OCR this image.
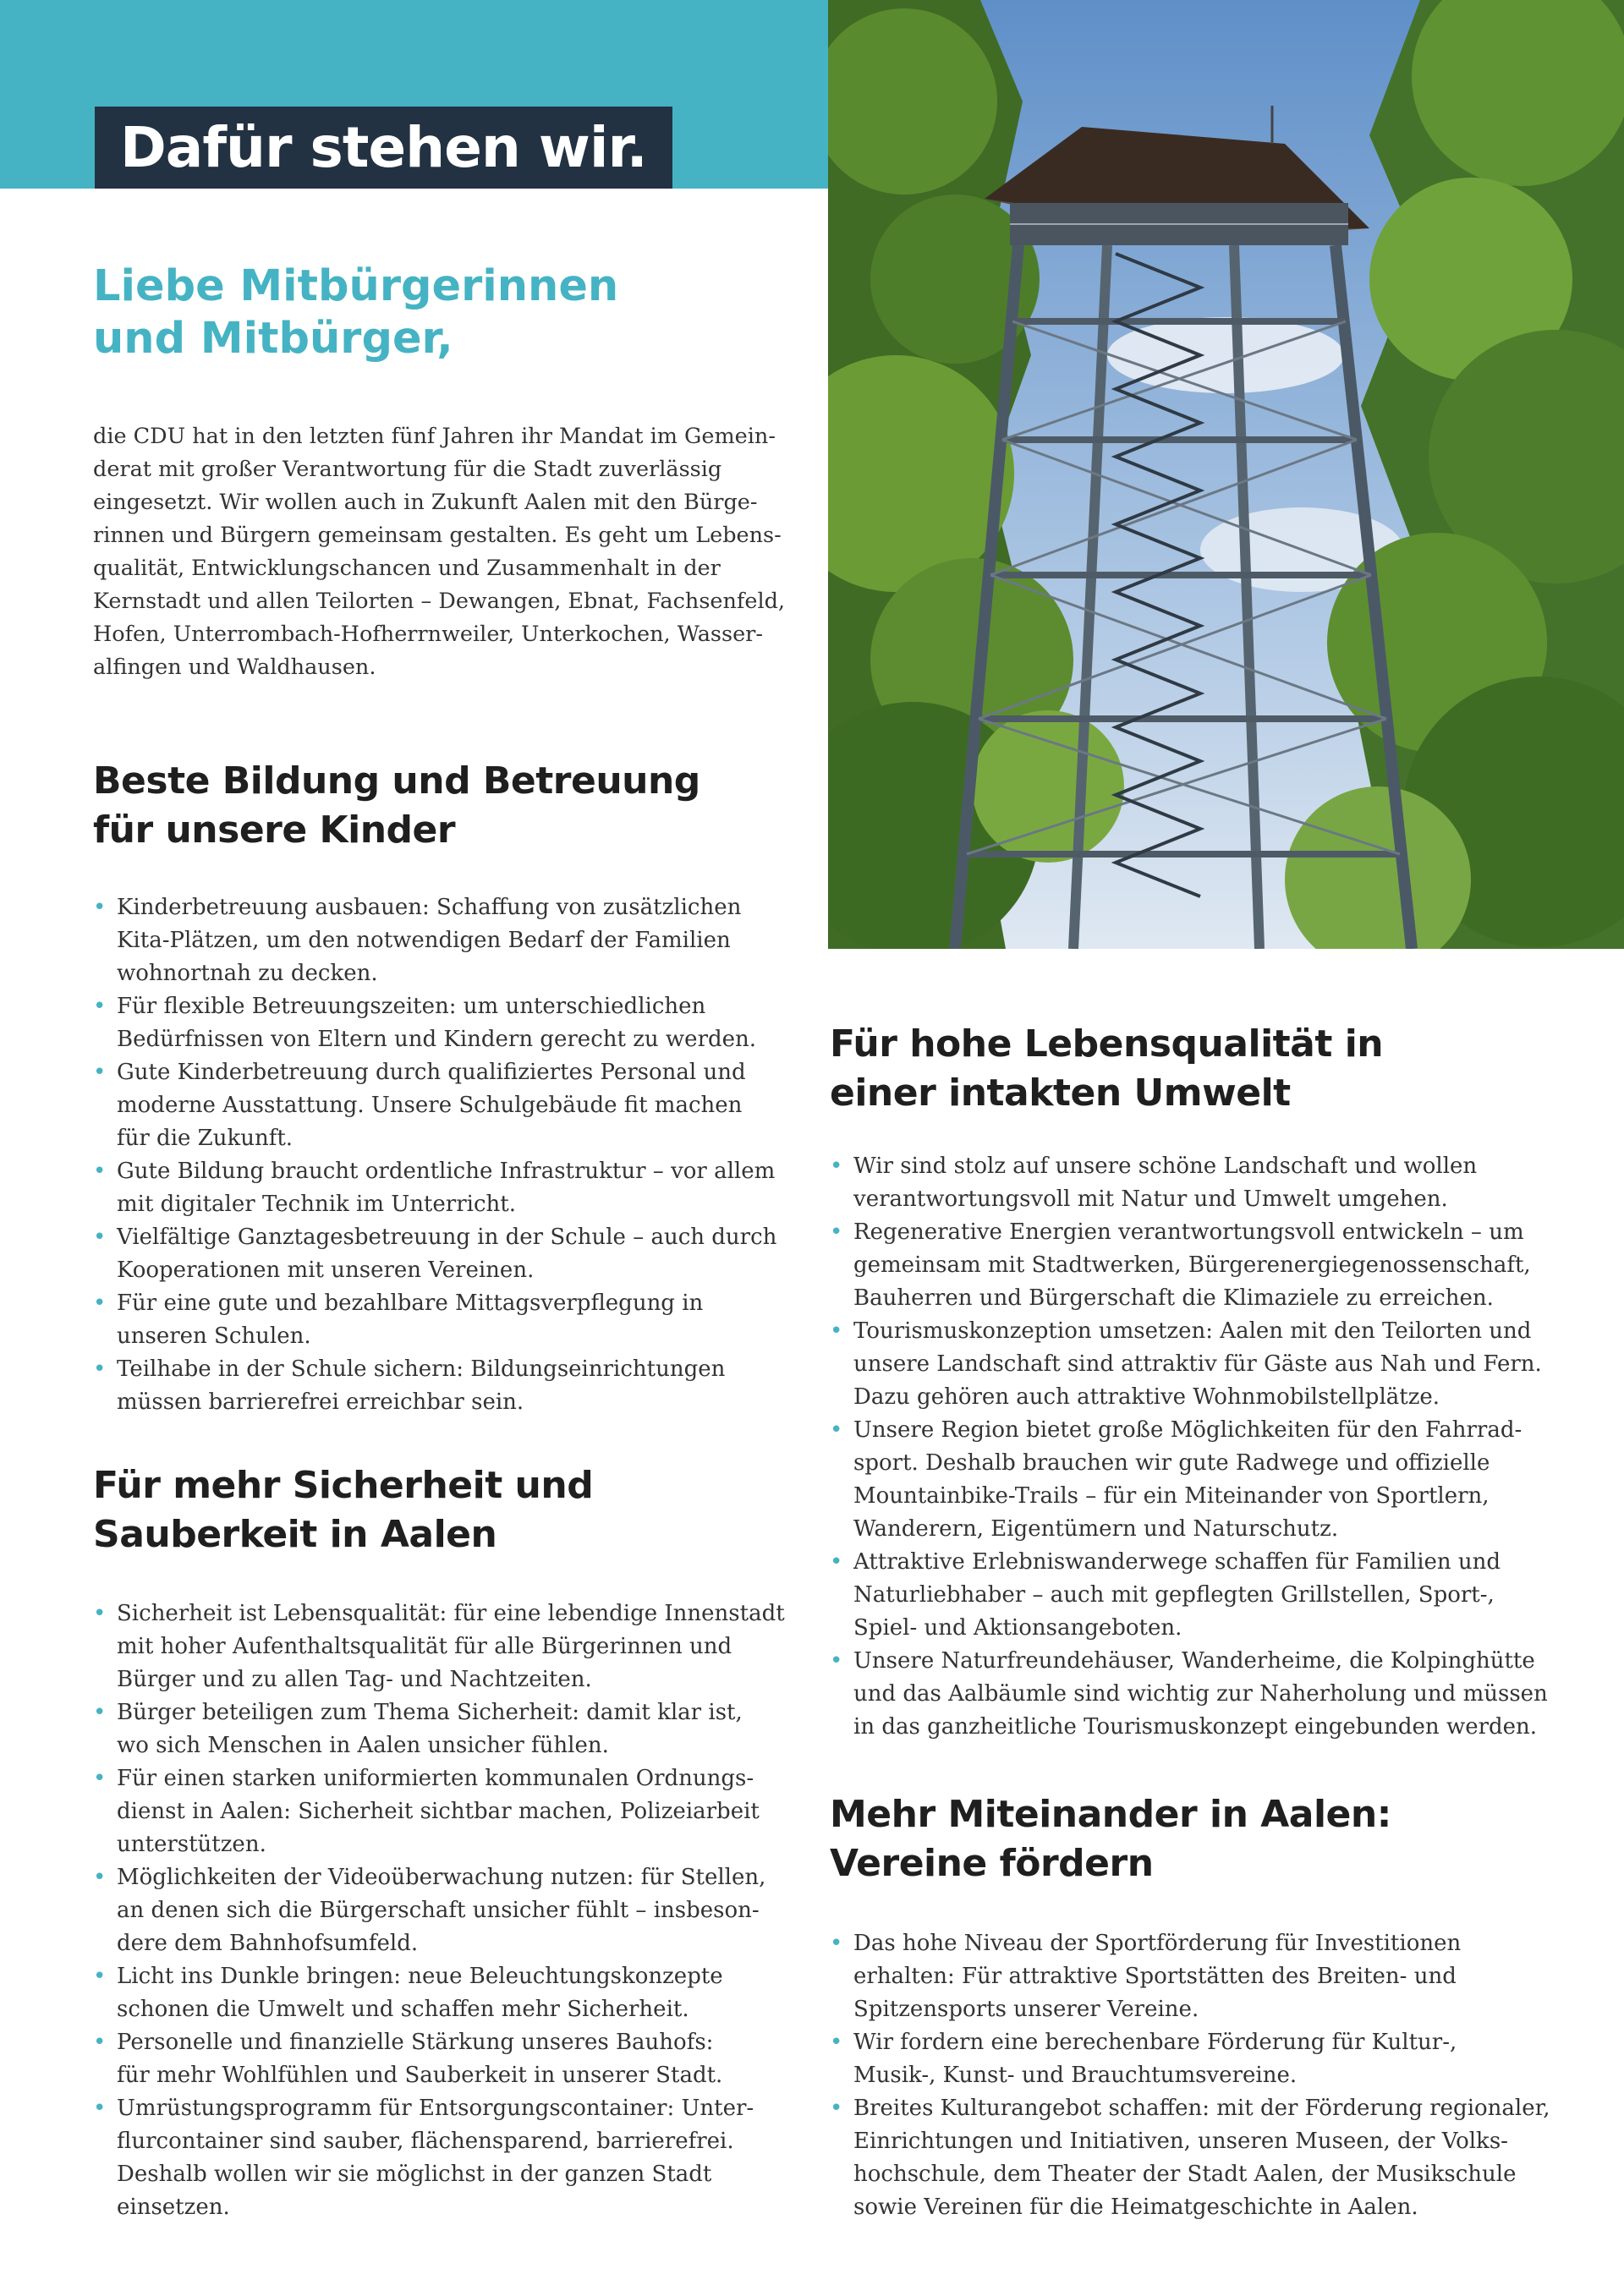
Dafür stehen wir.
Liebe Mitbürgerinnen
und Mitbürger,

die CDU hat in den letzten fünf Jahren ihr Mandat im Gemein-
derat mit großer Verantwortung für die Stadt zuverlässig
eingesetzt. Wir wollen auch in Zukunft Aalen mit den Bürge-
rinnen und Bürgern gemeinsam gestalten. Es geht um Lebens-
qualität, Entwicklungschancen und Zusammenhalt in der
Kernstadt und allen Teilorten – Dewangen, Ebnat, Fachsenfeld,
Hofen, Unterrombach-Hofherrnweiler, Unterkochen, Wasser-
alfingen und Waldhausen.

Beste Bildung und Betreuung
für unsere Kinder
• Kinderbetreuung ausbauen: Schaffung von zusätzlichen
Kita-Plätzen, um den notwendigen Bedarf der Familien
wohnortnah zu decken.
• Für flexible Betreuungszeiten: um unterschiedlichen
Bedürfnissen von Eltern und Kindern gerecht zu werden.
• Gute Kinderbetreuung durch qualifiziertes Personal und
moderne Ausstattung. Unsere Schulgebäude fit machen
für die Zukunft.
• Gute Bildung braucht ordentliche Infrastruktur – vor allem
mit digitaler Technik im Unterricht.
• Vielfältige Ganztagesbetreuung in der Schule – auch durch
Kooperationen mit unseren Vereinen.
• Für eine gute und bezahlbare Mittagsverpflegung in
unseren Schulen.
• Teilhabe in der Schule sichern: Bildungseinrichtungen
müssen barrierefrei erreichbar sein.
Für mehr Sicherheit und
Sauberkeit in Aalen
• Sicherheit ist Lebensqualität: für eine lebendige Innenstadt
mit hoher Aufenthaltsqualität für alle Bürgerinnen und
Bürger und zu allen Tag- und Nachtzeiten.
• Bürger beteiligen zum Thema Sicherheit: damit klar ist,
wo sich Menschen in Aalen unsicher fühlen.
• Für einen starken uniformierten kommunalen Ordnungs-
dienst in Aalen: Sicherheit sichtbar machen, Polizeiarbeit
unterstützen.
• Möglichkeiten der Videoüberwachung nutzen: für Stellen,
an denen sich die Bürgerschaft unsicher fühlt – insbeson-
dere dem Bahnhofsumfeld.
• Licht ins Dunkle bringen: neue Beleuchtungskonzepte
schonen die Umwelt und schaffen mehr Sicherheit.
• Personelle und finanzielle Stärkung unseres Bauhofs:
für mehr Wohlfühlen und Sauberkeit in unserer Stadt.
• Umrüstungsprogramm für Entsorgungscontainer: Unter-
flurcontainer sind sauber, flächensparend, barrierefrei.
Deshalb wollen wir sie möglichst in der ganzen Stadt
einsetzen.
Für hohe Lebensqualität in
einer intakten Umwelt
• Wir sind stolz auf unsere schöne Landschaft und wollen
verantwortungsvoll mit Natur und Umwelt umgehen.
• Regenerative Energien verantwortungsvoll entwickeln – um
gemeinsam mit Stadtwerken, Bürgerenergiegenossenschaft,
Bauherren und Bürgerschaft die Klimaziele zu erreichen.
• Tourismuskonzeption umsetzen: Aalen mit den Teilorten und
unsere Landschaft sind attraktiv für Gäste aus Nah und Fern.
Dazu gehören auch attraktive Wohnmobilstellplätze.
• Unsere Region bietet große Möglichkeiten für den Fahrrad-
sport. Deshalb brauchen wir gute Radwege und offizielle
Mountainbike-Trails – für ein Miteinander von Sportlern,
Wanderern, Eigentümern und Naturschutz.
• Attraktive Erlebniswanderwege schaffen für Familien und
Naturliebhaber – auch mit gepflegten Grillstellen, Sport-,
Spiel- und Aktionsangeboten.
• Unsere Naturfreundehäuser, Wanderheime, die Kolpinghütte
und das Aalbäumle sind wichtig zur Naherholung und müssen
in das ganzheitliche Tourismuskonzept eingebunden werden.
Mehr Miteinander in Aalen:
Vereine fördern
• Das hohe Niveau der Sportförderung für Investitionen
erhalten: Für attraktive Sportstätten des Breiten- und
Spitzensports unserer Vereine.
• Wir fordern eine berechenbare Förderung für Kultur-,
Musik-, Kunst- und Brauchtumsvereine.
• Breites Kulturangebot schaffen: mit der Förderung regionaler,
Einrichtungen und Initiativen, unseren Museen, der Volks-
hochschule, dem Theater der Stadt Aalen, der Musikschule
sowie Vereinen für die Heimatgeschichte in Aalen.
